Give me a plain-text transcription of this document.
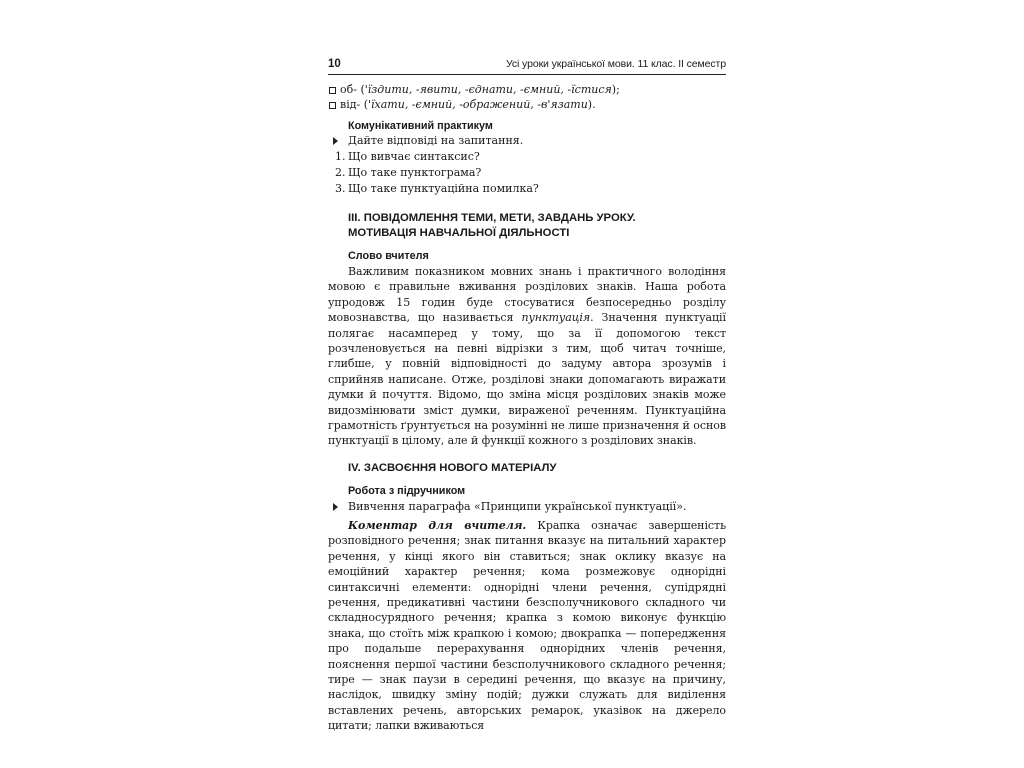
10	Усі уроки української мови. 11 клас. ІІ семестр
об- ('їздити, -явити, -єднати, -ємний, -їстися);
від- ('їхати, -ємний, -ображений, -в'язати).
Комунікативний практикум
Дайте відповіді на запитання.
1. Що вивчає синтаксис?
2. Що таке пунктограма?
3. Що таке пунктуаційна помилка?
ІІІ. ПОВІДОМЛЕННЯ ТЕМИ, МЕТИ, ЗАВДАНЬ УРОКУ.
МОТИВАЦІЯ НАВЧАЛЬНОЇ ДІЯЛЬНОСТІ
Слово вчителя

Важливим показником мовних знань і практичного володіння мовою є правильне вживання розділових знаків. Наша робота упродовж 15 годин буде стосуватися безпосередньо розділу мовознавства, що називається пунктуація. Значення пунктуації полягає насамперед у тому, що за її допомогою текст розчленовується на певні відрізки з тим, щоб читач точніше, глибше, у повній відповідності до задуму автора зрозумів і сприйняв написане. Отже, розділові знаки допомагають виражати думки й почуття. Відомо, що зміна місця розділових знаків може видозмінювати зміст думки, вираженої реченням. Пунктуаційна грамотність ґрунтується на розумінні не лише призначення й основ пунктуації в цілому, але й функції кожного з розділових знаків.

IV. ЗАСВОЄННЯ НОВОГО МАТЕРІАЛУ
Робота з підручником
Вивчення параграфа «Принципи української пунктуації».

Коментар для вчителя. Крапка означає завершеність розповідного речення; знак питання вказує на питальний характер речення, у кінці якого він ставиться; знак оклику вказує на емоційний характер речення; кома розмежовує однорідні синтаксичні елементи: однорідні члени речення, супідрядні речення, предикативні частини безсполучникового складного чи складносурядного речення; крапка з комою виконує функцію знака, що стоїть між крапкою і комою; двокрапка — попередження про подальше перерахування однорідних членів речення, пояснення першої частини безсполучникового складного речення; тире — знак паузи в середині речення, що вказує на причину, наслідок, швидку зміну подій; дужки служать для виділення вставлених речень, авторських ремарок, указівок на джерело цитати; лапки вживаються
